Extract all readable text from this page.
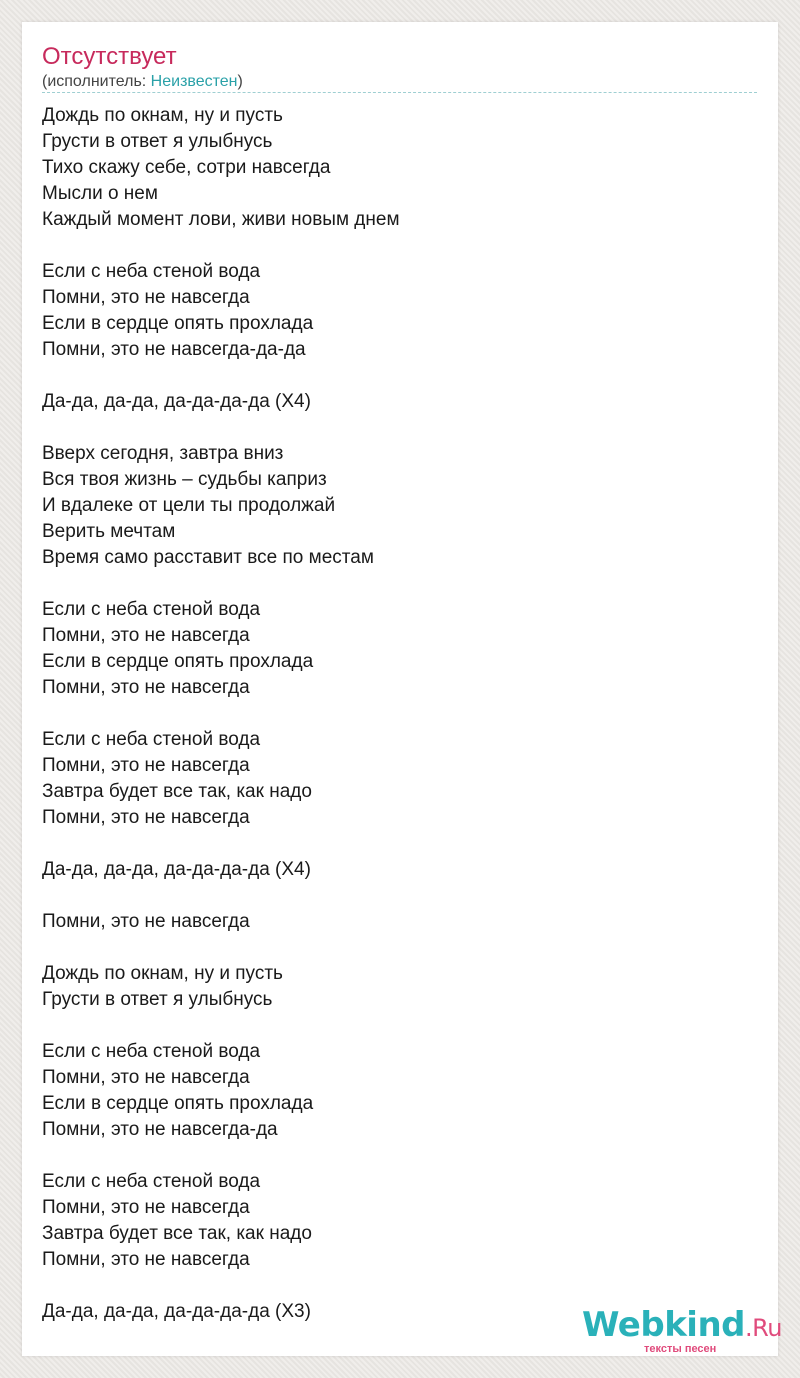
Отсутствует
(исполнитель: Неизвестен)
Дождь по окнам, ну и пусть
Грусти в ответ я улыбнусь
Тихо скажу себе, сотри навсегда
Мысли о нем
Каждый момент лови, живи новым днем

Если с неба стеной вода
Помни, это не навсегда
Если в сердце опять прохлада
Помни, это не навсегда-да-да

Да-да, да-да, да-да-да-да (X4)

Вверх сегодня, завтра вниз
Вся твоя жизнь – судьбы каприз
И вдалеке от цели ты продолжай
Верить мечтам
Время само расставит все по местам

Если с неба стеной вода
Помни, это не навсегда
Если в сердце опять прохлада
Помни, это не навсегда

Если с неба стеной вода
Помни, это не навсегда
Завтра будет все так, как надо
Помни, это не навсегда

Да-да, да-да, да-да-да-да (X4)

Помни, это не навсегда

Дождь по окнам, ну и пусть
Грусти в ответ я улыбнусь

Если с неба стеной вода
Помни, это не навсегда
Если в сердце опять прохлада
Помни, это не навсегда-да

Если с неба стеной вода
Помни, это не навсегда
Завтра будет все так, как надо
Помни, это не навсегда

Да-да, да-да, да-да-да-да (X3)	Webkind.Ru
тексты песен
